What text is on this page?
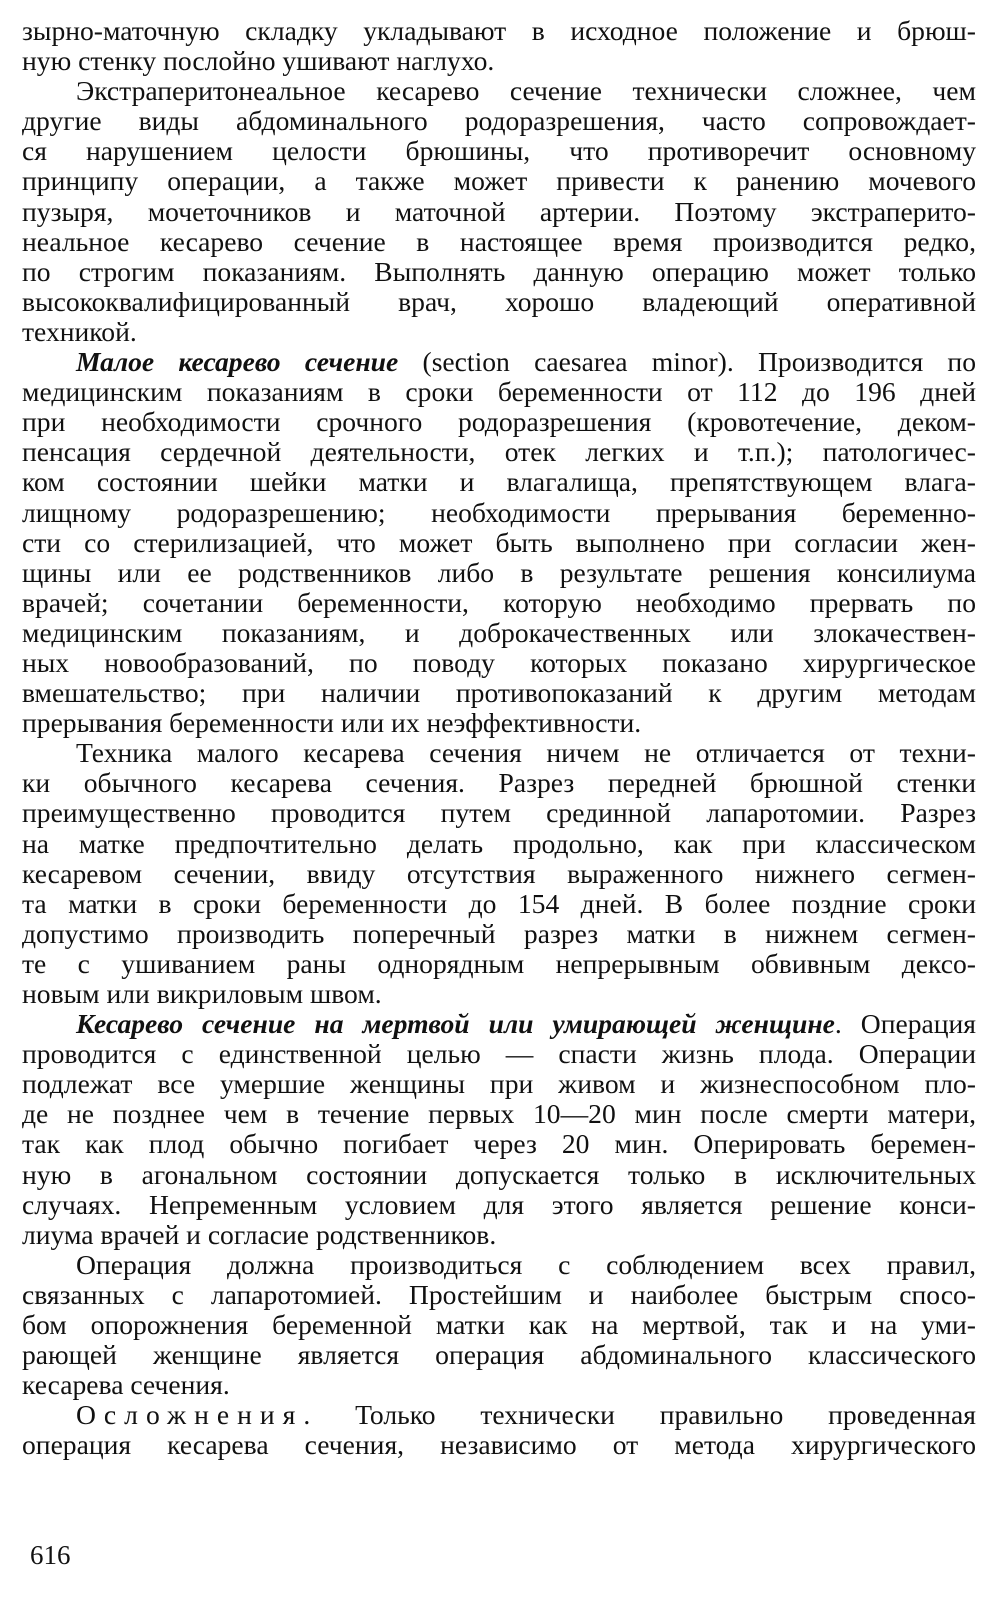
зырно-маточную складку укладывают в исходное положение и брюш-
ную стенку послойно ушивают наглухо.
Экстраперитонеальное кесарево сечение технически сложнее, чем
другие виды абдоминального родоразрешения, часто сопровождает-
ся нарушением целости брюшины, что противоречит основному
принципу операции, а также может привести к ранению мочевого
пузыря, мочеточников и маточной артерии. Поэтому экстраперито-
неальное кесарево сечение в настоящее время производится редко,
по строгим показаниям. Выполнять данную операцию может только
высококвалифицированный врач, хорошо владеющий оперативной
техникой.
Малое кесарево сечение (section caesarea minor). Производится по
медицинским показаниям в сроки беременности от 112 до 196 дней
при необходимости срочного родоразрешения (кровотечение, деком-
пенсация сердечной деятельности, отек легких и т.п.); патологичес-
ком состоянии шейки матки и влагалища, препятствующем влага-
лищному родоразрешению; необходимости прерывания беременно-
сти со стерилизацией, что может быть выполнено при согласии жен-
щины или ее родственников либо в результате решения консилиума
врачей; сочетании беременности, которую необходимо прервать по
медицинским показаниям, и доброкачественных или злокачествен-
ных новообразований, по поводу которых показано хирургическое
вмешательство; при наличии противопоказаний к другим методам
прерывания беременности или их неэффективности.
Техника малого кесарева сечения ничем не отличается от техни-
ки обычного кесарева сечения. Разрез передней брюшной стенки
преимущественно проводится путем срединной лапаротомии. Разрез
на матке предпочтительно делать продольно, как при классическом
кесаревом сечении, ввиду отсутствия выраженного нижнего сегмен-
та матки в сроки беременности до 154 дней. В более поздние сроки
допустимо производить поперечный разрез матки в нижнем сегмен-
те с ушиванием раны однорядным непрерывным обвивным дексо-
новым или викриловым швом.
Кесарево сечение на мертвой или умирающей женщине. Операция
проводится с единственной целью — спасти жизнь плода. Операции
подлежат все умершие женщины при живом и жизнеспособном пло-
де не позднее чем в течение первых 10—20 мин после смерти матери,
так как плод обычно погибает через 20 мин. Оперировать беремен-
ную в агональном состоянии допускается только в исключительных
случаях. Непременным условием для этого является решение конси-
лиума врачей и согласие родственников.
Операция должна производиться с соблюдением всех правил,
связанных с лапаротомией. Простейшим и наиболее быстрым спосо-
бом опорожнения беременной матки как на мертвой, так и на уми-
рающей женщине является операция абдоминального классического
кесарева сечения.
Осложнения. Только технически правильно проведенная
операция кесарева сечения, независимо от метода хирургического
616
